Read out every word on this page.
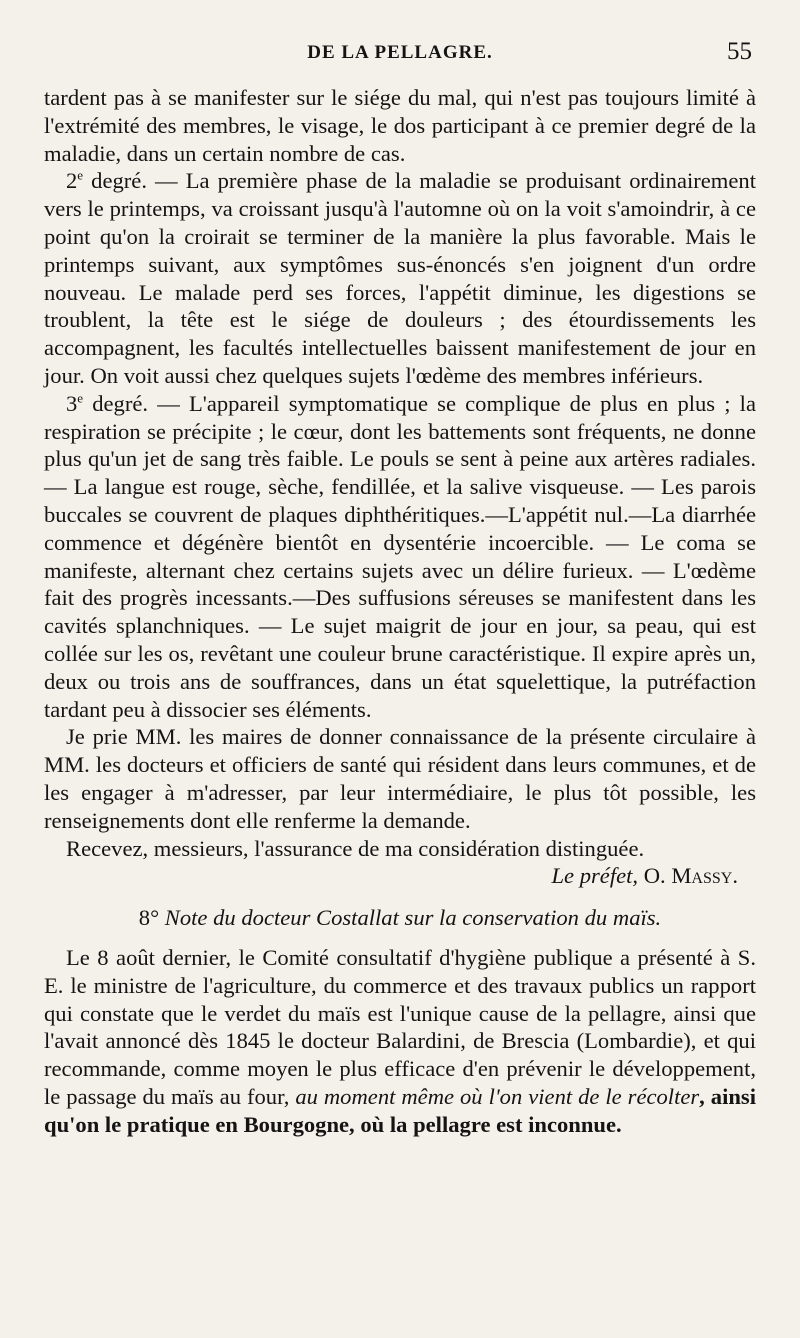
DE LA PELLAGRE.	55

tardent pas à se manifester sur le siége du mal, qui n'est pas toujours limité à l'extrémité des membres, le visage, le dos participant à ce premier degré de la maladie, dans un certain nombre de cas.

2e degré. — La première phase de la maladie se produisant ordinairement vers le printemps, va croissant jusqu'à l'automne où on la voit s'amoindrir, à ce point qu'on la croirait se terminer de la manière la plus favorable. Mais le printemps suivant, aux symptômes sus-énoncés s'en joignent d'un ordre nouveau. Le malade perd ses forces, l'appétit diminue, les digestions se troublent, la tête est le siége de douleurs ; des étourdissements les accompagnent, les facultés intellectuelles baissent manifestement de jour en jour. On voit aussi chez quelques sujets l'œdème des membres inférieurs.

3e degré. — L'appareil symptomatique se complique de plus en plus ; la respiration se précipite ; le cœur, dont les battements sont fréquents, ne donne plus qu'un jet de sang très faible. Le pouls se sent à peine aux artères radiales. — La langue est rouge, sèche, fendillée, et la salive visqueuse. — Les parois buccales se couvrent de plaques diphthéritiques.—L'appétit nul.—La diarrhée commence et dégénère bientôt en dysentérie incoercible. — Le coma se manifeste, alternant chez certains sujets avec un délire furieux. — L'œdème fait des progrès incessants.—Des suffusions séreuses se manifestent dans les cavités splanchniques. — Le sujet maigrit de jour en jour, sa peau, qui est collée sur les os, revêtant une couleur brune caractéristique. Il expire après un, deux ou trois ans de souffrances, dans un état squelettique, la putréfaction tardant peu à dissocier ses éléments.

Je prie MM. les maires de donner connaissance de la présente circulaire à MM. les docteurs et officiers de santé qui résident dans leurs communes, et de les engager à m'adresser, par leur intermédiaire, le plus tôt possible, les renseignements dont elle renferme la demande.

Recevez, messieurs, l'assurance de ma considération distinguée.

Le préfet, O. Massy.

8° Note du docteur Costallat sur la conservation du maïs.

Le 8 août dernier, le Comité consultatif d'hygiène publique a présenté à S. E. le ministre de l'agriculture, du commerce et des travaux publics un rapport qui constate que le verdet du maïs est l'unique cause de la pellagre, ainsi que l'avait annoncé dès 1845 le docteur Balardini, de Brescia (Lombardie), et qui recommande, comme moyen le plus efficace d'en prévenir le développement, le passage du maïs au four, au moment même où l'on vient de le récolter, ainsi qu'on le pratique en Bourgogne, où la pellagre est inconnue.
